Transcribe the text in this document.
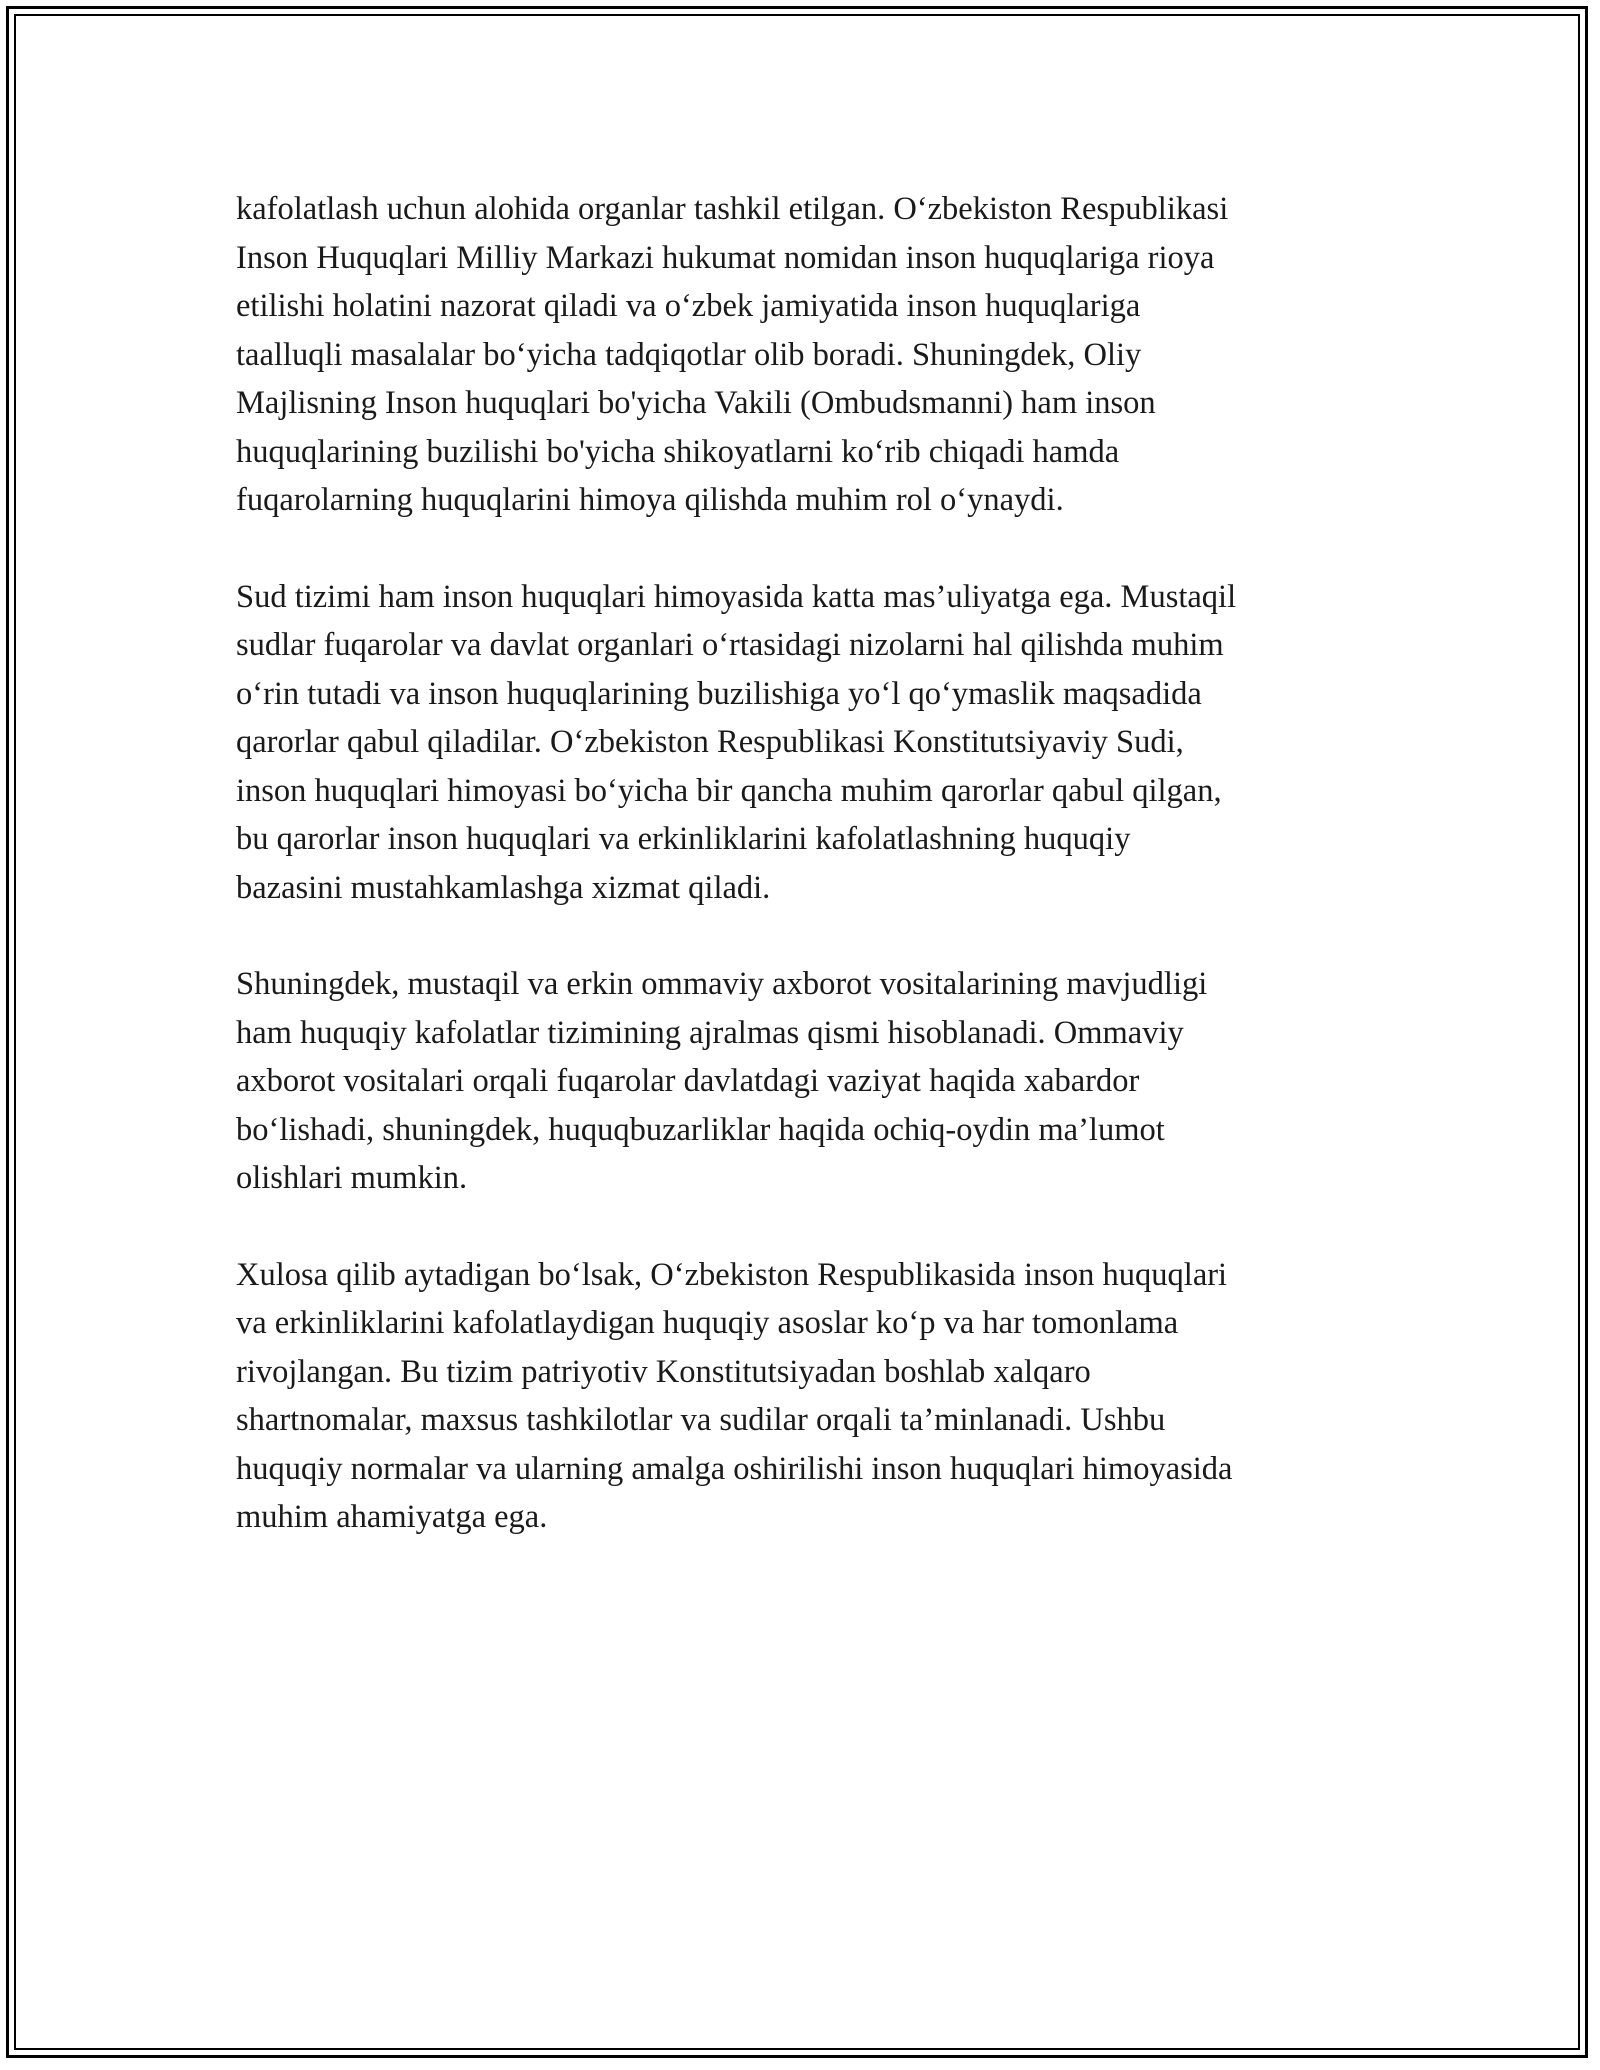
kafolatlash uchun alohida organlar tashkil etilgan. O‘zbekiston Respublikasi
Inson Huquqlari Milliy Markazi hukumat nomidan inson huquqlariga rioya
etilishi holatini nazorat qiladi va o‘zbek jamiyatida inson huquqlariga
taalluqli masalalar bo‘yicha tadqiqotlar olib boradi. Shuningdek, Oliy
Majlisning Inson huquqlari bo'yicha Vakili (Ombudsmanni) ham inson
huquqlarining buzilishi bo'yicha shikoyatlarni ko‘rib chiqadi hamda
fuqarolarning huquqlarini himoya qilishda muhim rol o‘ynaydi.

Sud tizimi ham inson huquqlari himoyasida katta mas’uliyatga ega. Mustaqil
sudlar fuqarolar va davlat organlari o‘rtasidagi nizolarni hal qilishda muhim
o‘rin tutadi va inson huquqlarining buzilishiga yo‘l qo‘ymaslik maqsadida
qarorlar qabul qiladilar. O‘zbekiston Respublikasi Konstitutsiyaviy Sudi,
inson huquqlari himoyasi bo‘yicha bir qancha muhim qarorlar qabul qilgan,
bu qarorlar inson huquqlari va erkinliklarini kafolatlashning huquqiy
bazasini mustahkamlashga xizmat qiladi.

Shuningdek, mustaqil va erkin ommaviy axborot vositalarining mavjudligi
ham huquqiy kafolatlar tizimining ajralmas qismi hisoblanadi. Ommaviy
axborot vositalari orqali fuqarolar davlatdagi vaziyat haqida xabardor
bo‘lishadi, shuningdek, huquqbuzarliklar haqida ochiq-oydin ma’lumot
olishlari mumkin.

Xulosa qilib aytadigan bo‘lsak, O‘zbekiston Respublikasida inson huquqlari
va erkinliklarini kafolatlaydigan huquqiy asoslar ko‘p va har tomonlama
rivojlangan. Bu tizim patriyotiv Konstitutsiyadan boshlab xalqaro
shartnomalar, maxsus tashkilotlar va sudilar orqali ta’minlanadi. Ushbu
huquqiy normalar va ularning amalga oshirilishi inson huquqlari himoyasida
muhim ahamiyatga ega.
